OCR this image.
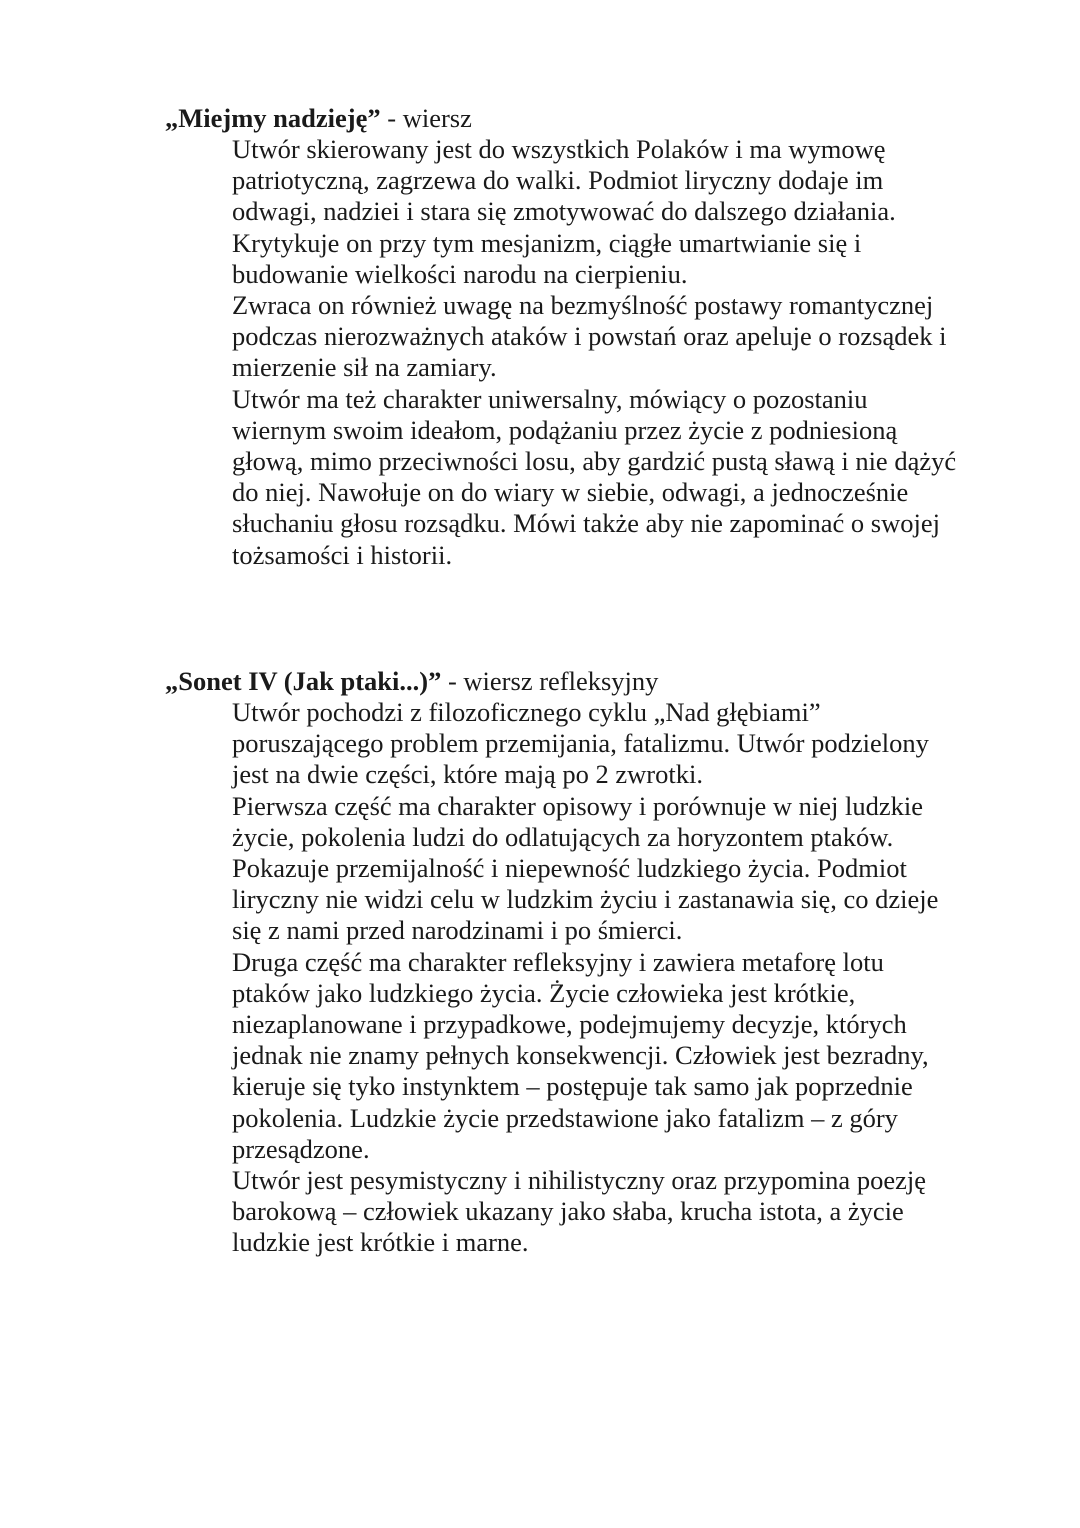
„Miejmy nadzieję” - wiersz

Utwór skierowany jest do wszystkich Polaków i ma wymowę
patriotyczną, zagrzewa do walki. Podmiot liryczny dodaje im
odwagi, nadziei i stara się zmotywować do dalszego działania.
Krytykuje on przy tym mesjanizm, ciągłe umartwianie się i
budowanie wielkości narodu na cierpieniu.
Zwraca on również uwagę na bezmyślność postawy romantycznej
podczas nierozważnych ataków i powstań oraz apeluje o rozsądek i
mierzenie sił na zamiary.
Utwór ma też charakter uniwersalny, mówiący o pozostaniu
wiernym swoim ideałom, podążaniu przez życie z podniesioną
głową, mimo przeciwności losu, aby gardzić pustą sławą i nie dążyć
do niej. Nawołuje on do wiary w siebie, odwagi, a jednocześnie
słuchaniu głosu rozsądku. Mówi także aby nie zapominać o swojej
tożsamości i historii.

„Sonet IV (Jak ptaki...)” - wiersz refleksyjny

Utwór pochodzi z filozoficznego cyklu „Nad głębiami”
poruszającego problem przemijania, fatalizmu. Utwór podzielony
jest na dwie części, które mają po 2 zwrotki.
Pierwsza część ma charakter opisowy i porównuje w niej ludzkie
życie, pokolenia ludzi do odlatujących za horyzontem ptaków.
Pokazuje przemijalność i niepewność ludzkiego życia. Podmiot
liryczny nie widzi celu w ludzkim życiu i zastanawia się, co dzieje
się z nami przed narodzinami i po śmierci.
Druga część ma charakter refleksyjny i zawiera metaforę lotu
ptaków jako ludzkiego życia. Życie człowieka jest krótkie,
niezaplanowane i przypadkowe, podejmujemy decyzje, których
jednak nie znamy pełnych konsekwencji. Człowiek jest bezradny,
kieruje się tyko instynktem – postępuje tak samo jak poprzednie
pokolenia. Ludzkie życie przedstawione jako fatalizm – z góry
przesądzone.
Utwór jest pesymistyczny i nihilistyczny oraz przypomina poezję
barokową – człowiek ukazany jako słaba, krucha istota, a życie
ludzkie jest krótkie i marne.
